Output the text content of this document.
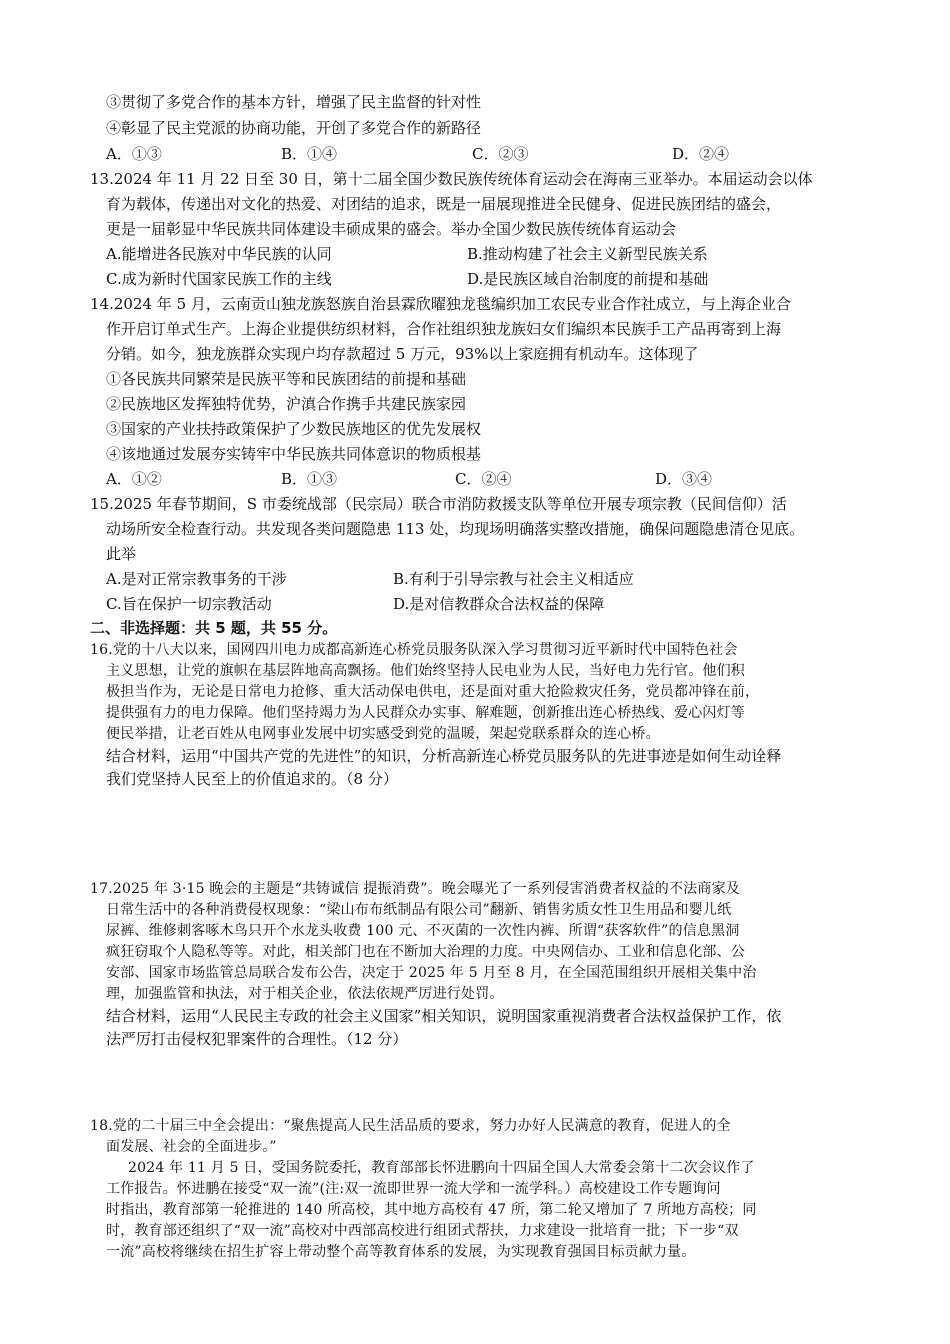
③贯彻了多党合作的基本方针，增强了民主监督的针对性
④彰显了民主党派的协商功能，开创了多党合作的新路径
A．①③	B．①④	C．②③	D．②④
13.2024 年 11 月 22 日至 30 日，第十二届全国少数民族传统体育运动会在海南三亚举办。本届运动会以体
育为载体，传递出对文化的热爱、对团结的追求，既是一届展现推进全民健身、促进民族团结的盛会，
更是一届彰显中华民族共同体建设丰硕成果的盛会。举办全国少数民族传统体育运动会
A.能增进各民族对中华民族的认同	B.推动构建了社会主义新型民族关系
C.成为新时代国家民族工作的主线	D.是民族区域自治制度的前提和基础
14.2024 年 5 月，云南贡山独龙族怒族自治县霖欣曜独龙毯编织加工农民专业合作社成立，与上海企业合
作开启订单式生产。上海企业提供纺织材料，合作社组织独龙族妇女们编织本民族手工产品再寄到上海
分销。如今，独龙族群众实现户均存款超过 5 万元，93%以上家庭拥有机动车。这体现了
①各民族共同繁荣是民族平等和民族团结的前提和基础
②民族地区发挥独特优势，沪滇合作携手共建民族家园
③国家的产业扶持政策保护了少数民族地区的优先发展权
④该地通过发展夯实铸牢中华民族共同体意识的物质根基
A．①②	B．①③	C．②④	D．③④
15.2025 年春节期间，S 市委统战部（民宗局）联合市消防救援支队等单位开展专项宗教（民间信仰）活
动场所安全检查行动。共发现各类问题隐患 113 处，均现场明确落实整改措施，确保问题隐患清仓见底。
此举
A.是对正常宗教事务的干涉	B.有利于引导宗教与社会主义相适应
C.旨在保护一切宗教活动	D.是对信教群众合法权益的保障
二、非选择题：共 5 题，共 55 分。
16.党的十八大以来，国网四川电力成都高新连心桥党员服务队深入学习贯彻习近平新时代中国特色社会
主义思想，让党的旗帜在基层阵地高高飘扬。他们始终坚持人民电业为人民，当好电力先行官。他们积
极担当作为，无论是日常电力抢修、重大活动保电供电，还是面对重大抢险救灾任务，党员都冲锋在前，
提供强有力的电力保障。他们坚持竭力为人民群众办实事、解难题，创新推出连心桥热线、爱心闪灯等
便民举措，让老百姓从电网事业发展中切实感受到党的温暖，架起党联系群众的连心桥。
结合材料，运用“中国共产党的先进性”的知识，分析高新连心桥党员服务队的先进事迹是如何生动诠释
我们党坚持人民至上的价值追求的。（8 分）
17.2025 年 3·15 晚会的主题是“共铸诚信 提振消费”。晚会曝光了一系列侵害消费者权益的不法商家及
日常生活中的各种消费侵权现象：“梁山布布纸制品有限公司”翻新、销售劣质女性卫生用品和婴儿纸
尿裤、维修刺客啄木鸟只开个水龙头收费 100 元、不灭菌的一次性内裤、所谓“获客软件”的信息黑洞
疯狂窃取个人隐私等等。对此，相关部门也在不断加大治理的力度。中央网信办、工业和信息化部、公
安部、国家市场监管总局联合发布公告，决定于 2025 年 5 月至 8 月，在全国范围组织开展相关集中治
理，加强监管和执法，对于相关企业，依法依规严厉进行处罚。
结合材料，运用“人民民主专政的社会主义国家”相关知识，说明国家重视消费者合法权益保护工作，依
法严厉打击侵权犯罪案件的合理性。（12 分）
18.党的二十届三中全会提出：“聚焦提高人民生活品质的要求，努力办好人民满意的教育，促进人的全
面发展、社会的全面进步。”
2024 年 11 月 5 日，受国务院委托，教育部部长怀进鹏向十四届全国人大常委会第十二次会议作了
工作报告。怀进鹏在接受“双一流”(注:双一流即世界一流大学和一流学科。）高校建设工作专题询问
时指出，教育部第一轮推进的 140 所高校，其中地方高校有 47 所，第二轮又增加了 7 所地方高校；同
时，教育部还组织了“双一流”高校对中西部高校进行组团式帮扶，力求建设一批培育一批；下一步“双
一流”高校将继续在招生扩容上带动整个高等教育体系的发展，为实现教育强国目标贡献力量。
